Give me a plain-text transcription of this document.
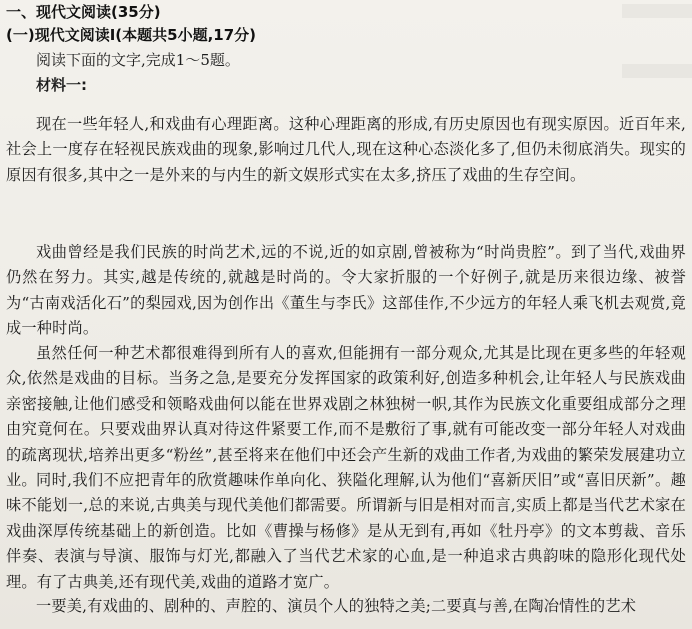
一、现代文阅读(35分)
(一)现代文阅读Ⅰ(本题共5小题,17分)
阅读下面的文字,完成1～5题。
材料一:

现在一些年轻人,和戏曲有心理距离。这种心理距离的形成,有历史原因也有现实原因。近百年来,社会上一度存在轻视民族戏曲的现象,影响过几代人,现在这种心态淡化多了,但仍未彻底消失。现实的原因有很多,其中之一是外来的与内生的新文娱形式实在太多,挤压了戏曲的生存空间。

戏曲曾经是我们民族的时尚艺术,远的不说,近的如京剧,曾被称为“时尚贵腔”。到了当代,戏曲界仍然在努力。其实,越是传统的,就越是时尚的。令大家折服的一个好例子,就是历来很边缘、被誉为“古南戏活化石”的梨园戏,因为创作出《董生与李氏》这部佳作,不少远方的年轻人乘飞机去观赏,竟成一种时尚。

虽然任何一种艺术都很难得到所有人的喜欢,但能拥有一部分观众,尤其是比现在更多些的年轻观众,依然是戏曲的目标。当务之急,是要充分发挥国家的政策利好,创造多种机会,让年轻人与民族戏曲亲密接触,让他们感受和领略戏曲何以能在世界戏剧之林独树一帜,其作为民族文化重要组成部分之理由究竟何在。只要戏曲界认真对待这件紧要工作,而不是敷衍了事,就有可能改变一部分年轻人对戏曲的疏离现状,培养出更多“粉丝”,甚至将来在他们中还会产生新的戏曲工作者,为戏曲的繁荣发展建功立业。 同时,我们不应把青年的欣赏趣味作单向化、狭隘化理解,认为他们“喜新厌旧”或“喜旧厌新”。趣味不能划一,总的来说,古典美与现代美他们都需要。所谓新与旧是相对而言,实质上都是当代艺术家在戏曲深厚传统基础上的新创造。比如《曹操与杨修》是从无到有,再如《牡丹亭》的文本剪裁、音乐伴奏、表演与导演、服饰与灯光,都融入了当代艺术家的心血,是一种追求古典韵味的隐形化现代处理。有了古典美,还有现代美,戏曲的道路才宽广。

一要美,有戏曲的、剧种的、声腔的、演员个人的独特之美;二要真与善,在陶冶情性的艺术
